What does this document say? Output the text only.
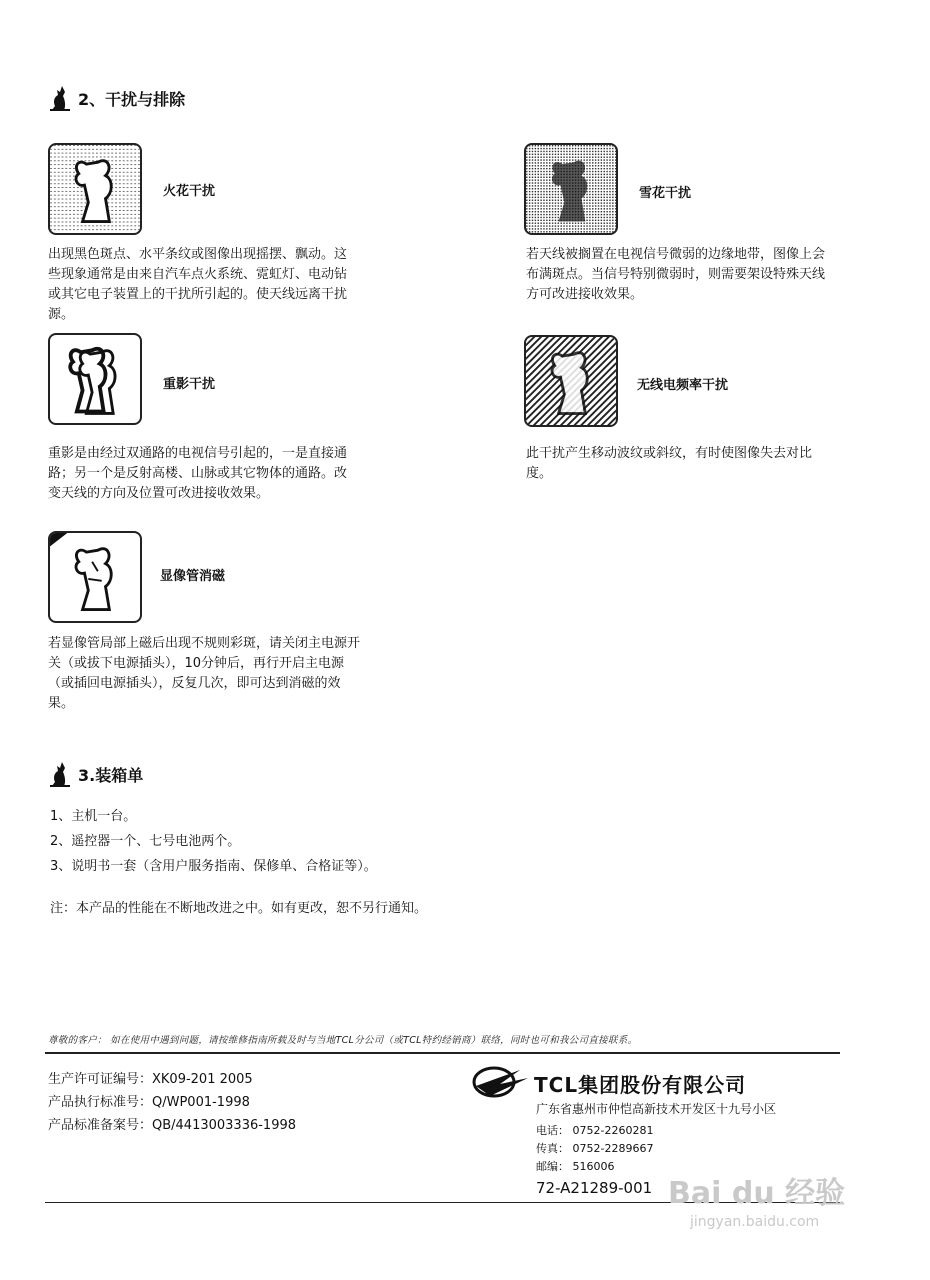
2、干扰与排除
火花干扰
出现黑色斑点、水平条纹或图像出现摇摆、飘动。这些现象通常是由来自汽车点火系统、霓虹灯、电动钻或其它电子装置上的干扰所引起的。使天线远离干扰源。
雪花干扰
若天线被搁置在电视信号微弱的边缘地带，图像上会布满斑点。当信号特别微弱时，则需要架设特殊天线方可改进接收效果。
重影干扰
重影是由经过双通路的电视信号引起的，一是直接通路；另一个是反射高楼、山脉或其它物体的通路。改变天线的方向及位置可改进接收效果。
无线电频率干扰
此干扰产生移动波纹或斜纹，有时使图像失去对比度。
显像管消磁
若显像管局部上磁后出现不规则彩斑，请关闭主电源开关（或拔下电源插头），10分钟后，再行开启主电源（或插回电源插头），反复几次，即可达到消磁的效果。
3.装箱单
1、主机一台。
2、遥控器一个、七号电池两个。
3、说明书一套（含用户服务指南、保修单、合格证等）。
注：本产品的性能在不断地改进之中。如有更改，恕不另行通知。
尊敬的客户： 如在使用中遇到问题，请按维修指南所载及时与当地TCL分公司（或TCL特约经销商）联络，同时也可和我公司直接联系。
生产许可证编号：XK09-201 2005
产品执行标准号：Q/WP001-1998
产品标准备案号：QB/4413003336-1998
TCL集团股份有限公司
广东省惠州市仲恺高新技术开发区十九号小区
电话： 0752-2260281
传真： 0752-2289667
邮编： 516006
72-A21289-001 Bai du 经验
jingyan.baidu.com
